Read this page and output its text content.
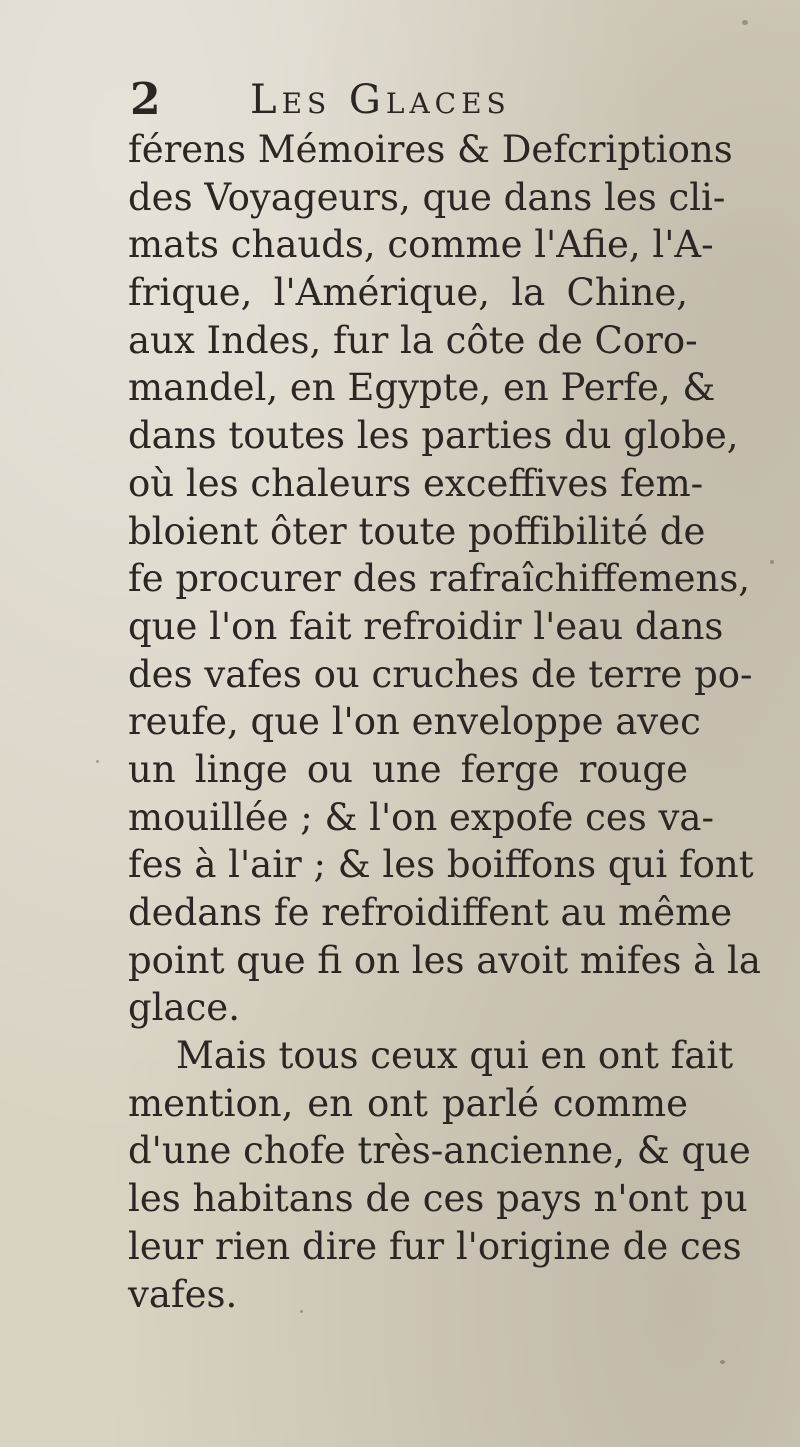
2 Les Glaces
férens Mémoires & Defcriptions
des Voyageurs, que dans les cli-
mats chauds, comme l'Afie, l'A-
frique, l'Amérique, la Chine,
aux Indes, fur la côte de Coro-
mandel, en Egypte, en Perfe, &
dans toutes les parties du globe,
où les chaleurs exceffives fem-
bloient ôter toute poffibilité de
fe procurer des rafraîchiffemens,
que l'on fait refroidir l'eau dans
des vafes ou cruches de terre po-
reufe, que l'on enveloppe avec
un linge ou une ferge rouge
mouillée ; & l'on expofe ces va-
fes à l'air ; & les boiffons qui font
dedans fe refroidiffent au même
point que fi on les avoit mifes à la
glace.
Mais tous ceux qui en ont fait
mention, en ont parlé comme
d'une chofe très-ancienne, & que
les habitans de ces pays n'ont pu
leur rien dire fur l'origine de ces
vafes.
